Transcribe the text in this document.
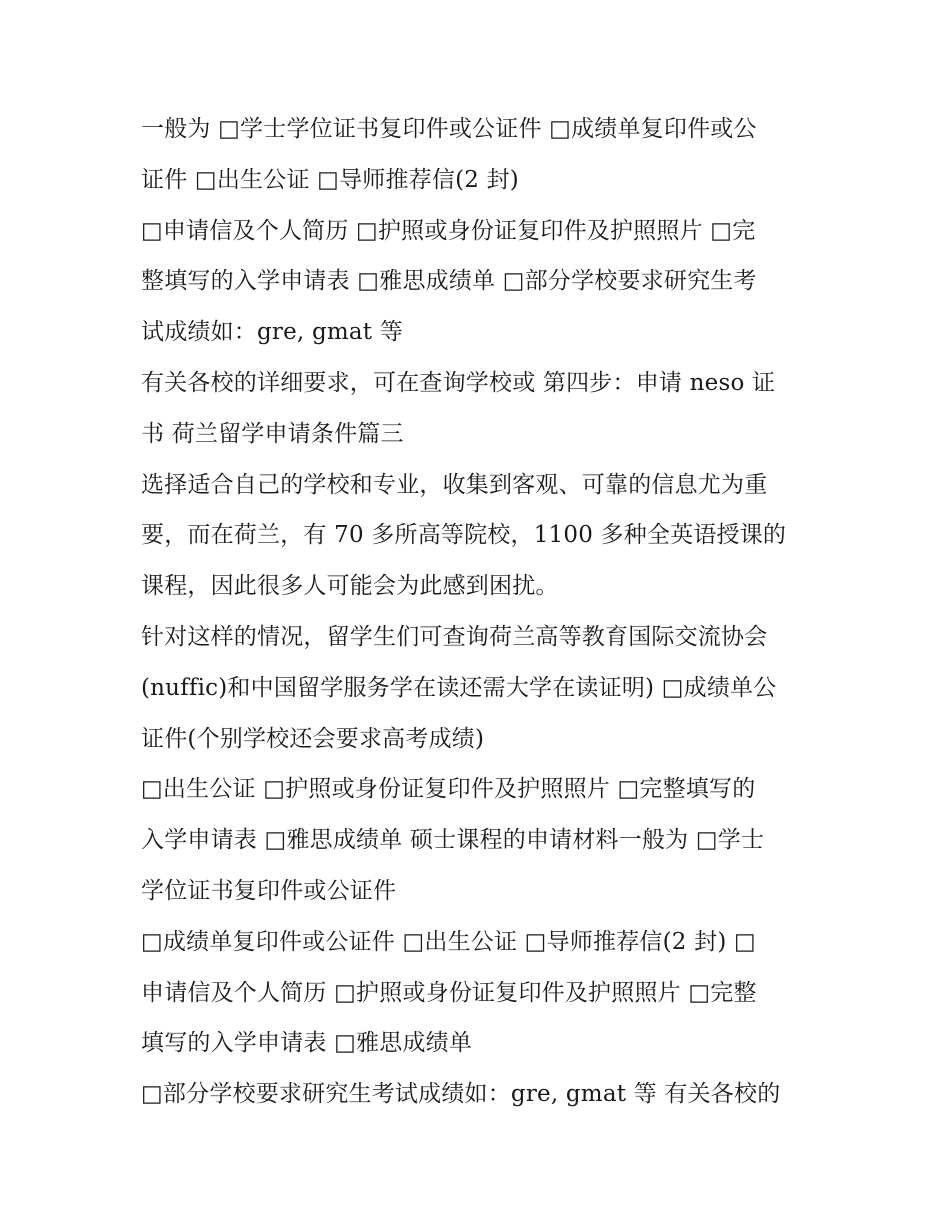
一般为 □学士学位证书复印件或公证件 □成绩单复印件或公
证件 □出生公证 □导师推荐信(2 封)
□申请信及个人简历 □护照或身份证复印件及护照照片 □完
整填写的入学申请表 □雅思成绩单 □部分学校要求研究生考
试成绩如：gre, gmat 等
有关各校的详细要求，可在查询学校或 第四步：申请 neso 证
书 荷兰留学申请条件篇三
选择适合自己的学校和专业，收集到客观、可靠的信息尤为重
要，而在荷兰，有 70 多所高等院校，1100 多种全英语授课的
课程，因此很多人可能会为此感到困扰。
针对这样的情况，留学生们可查询荷兰高等教育国际交流协会
(nuffic)和中国留学服务学在读还需大学在读证明) □成绩单公
证件(个别学校还会要求高考成绩)
□出生公证 □护照或身份证复印件及护照照片 □完整填写的
入学申请表 □雅思成绩单 硕士课程的申请材料一般为 □学士
学位证书复印件或公证件
□成绩单复印件或公证件 □出生公证 □导师推荐信(2 封) □
申请信及个人简历 □护照或身份证复印件及护照照片 □完整
填写的入学申请表 □雅思成绩单
□部分学校要求研究生考试成绩如：gre, gmat 等 有关各校的
